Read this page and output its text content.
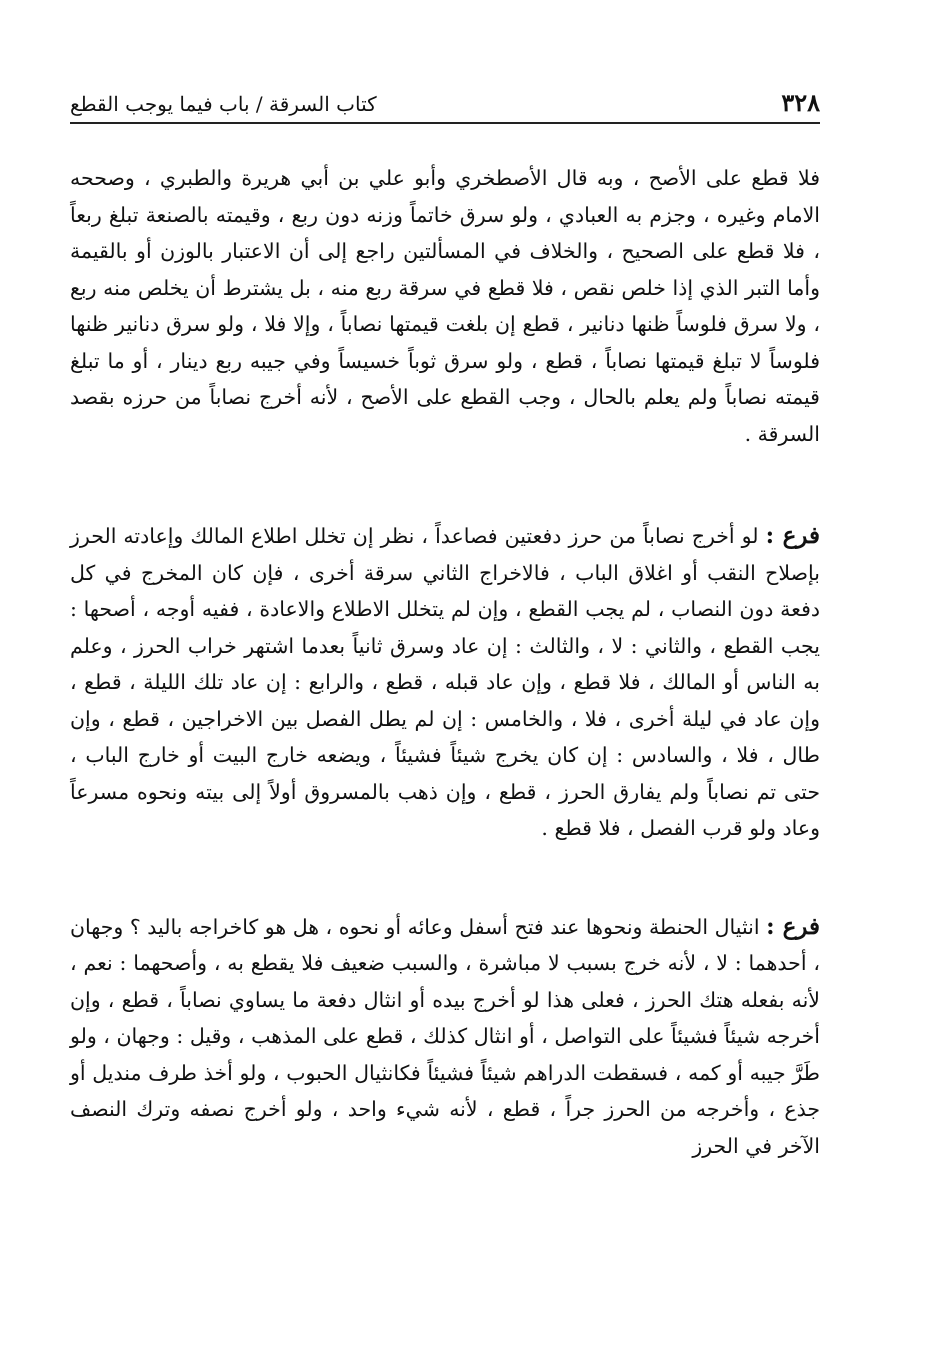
٣٢٨
كتاب السرقة / باب فيما يوجب القطع

فلا قطع على الأصح ، وبه قال الأصطخري وأبو علي بن أبي هريرة والطبري ، وصححه الامام وغيره ، وجزم به العبادي ، ولو سرق خاتماً وزنه دون ربع ، وقيمته بالصنعة تبلغ ربعاً ، فلا قطع على الصحيح ، والخلاف في المسألتين راجع إلى أن الاعتبار بالوزن أو بالقيمة وأما التبر الذي إذا خلص نقص ، فلا قطع في سرقة ربع منه ، بل يشترط أن يخلص منه ربع ، ولا سرق فلوساً ظنها دنانير ، قطع إن بلغت قيمتها نصاباً ، وإلا فلا ، ولو سرق دنانير ظنها فلوساً لا تبلغ قيمتها نصاباً ، قطع ، ولو سرق ثوباً خسيساً وفي جيبه ربع دينار ، أو ما تبلغ قيمته نصاباً ولم يعلم بالحال ، وجب القطع على الأصح ، لأنه أخرج نصاباً من حرزه بقصد السرقة .

فرع : لو أخرج نصاباً من حرز دفعتين فصاعداً ، نظر إن تخلل اطلاع المالك وإعادته الحرز بإصلاح النقب أو اغلاق الباب ، فالاخراج الثاني سرقة أخرى ، فإن كان المخرج في كل دفعة دون النصاب ، لم يجب القطع ، وإن لم يتخلل الاطلاع والاعادة ، ففيه أوجه ، أصحها : يجب القطع ، والثاني : لا ، والثالث : إن عاد وسرق ثانياً بعدما اشتهر خراب الحرز ، وعلم به الناس أو المالك ، فلا قطع ، وإن عاد قبله ، قطع ، والرابع : إن عاد تلك الليلة ، قطع ، وإن عاد في ليلة أخرى ، فلا ، والخامس : إن لم يطل الفصل بين الاخراجين ، قطع ، وإن طال ، فلا ، والسادس : إن كان يخرج شيئاً فشيئاً ، ويضعه خارج البيت أو خارج الباب ، حتى تم نصاباً ولم يفارق الحرز ، قطع ، وإن ذهب بالمسروق أولاً إلى بيته ونحوه مسرعاً وعاد ولو قرب الفصل ، فلا قطع .

فرع : انثيال الحنطة ونحوها عند فتح أسفل وعائه أو نحوه ، هل هو كاخراجه باليد ؟ وجهان ، أحدهما : لا ، لأنه خرج بسبب لا مباشرة ، والسبب ضعيف فلا يقطع به ، وأصحهما : نعم ، لأنه بفعله هتك الحرز ، فعلى هذا لو أخرج بيده أو انثال دفعة ما يساوي نصاباً ، قطع ، وإن أخرجه شيئاً فشيئاً على التواصل ، أو انثال كذلك ، قطع على المذهب ، وقيل : وجهان ، ولو طَرَّ جيبه أو كمه ، فسقطت الدراهم شيئاً فشيئاً فكانثيال الحبوب ، ولو أخذ طرف منديل أو جذع ، وأخرجه من الحرز جراً ، قطع ، لأنه شيء واحد ، ولو أخرج نصفه وترك النصف الآخر في الحرز
